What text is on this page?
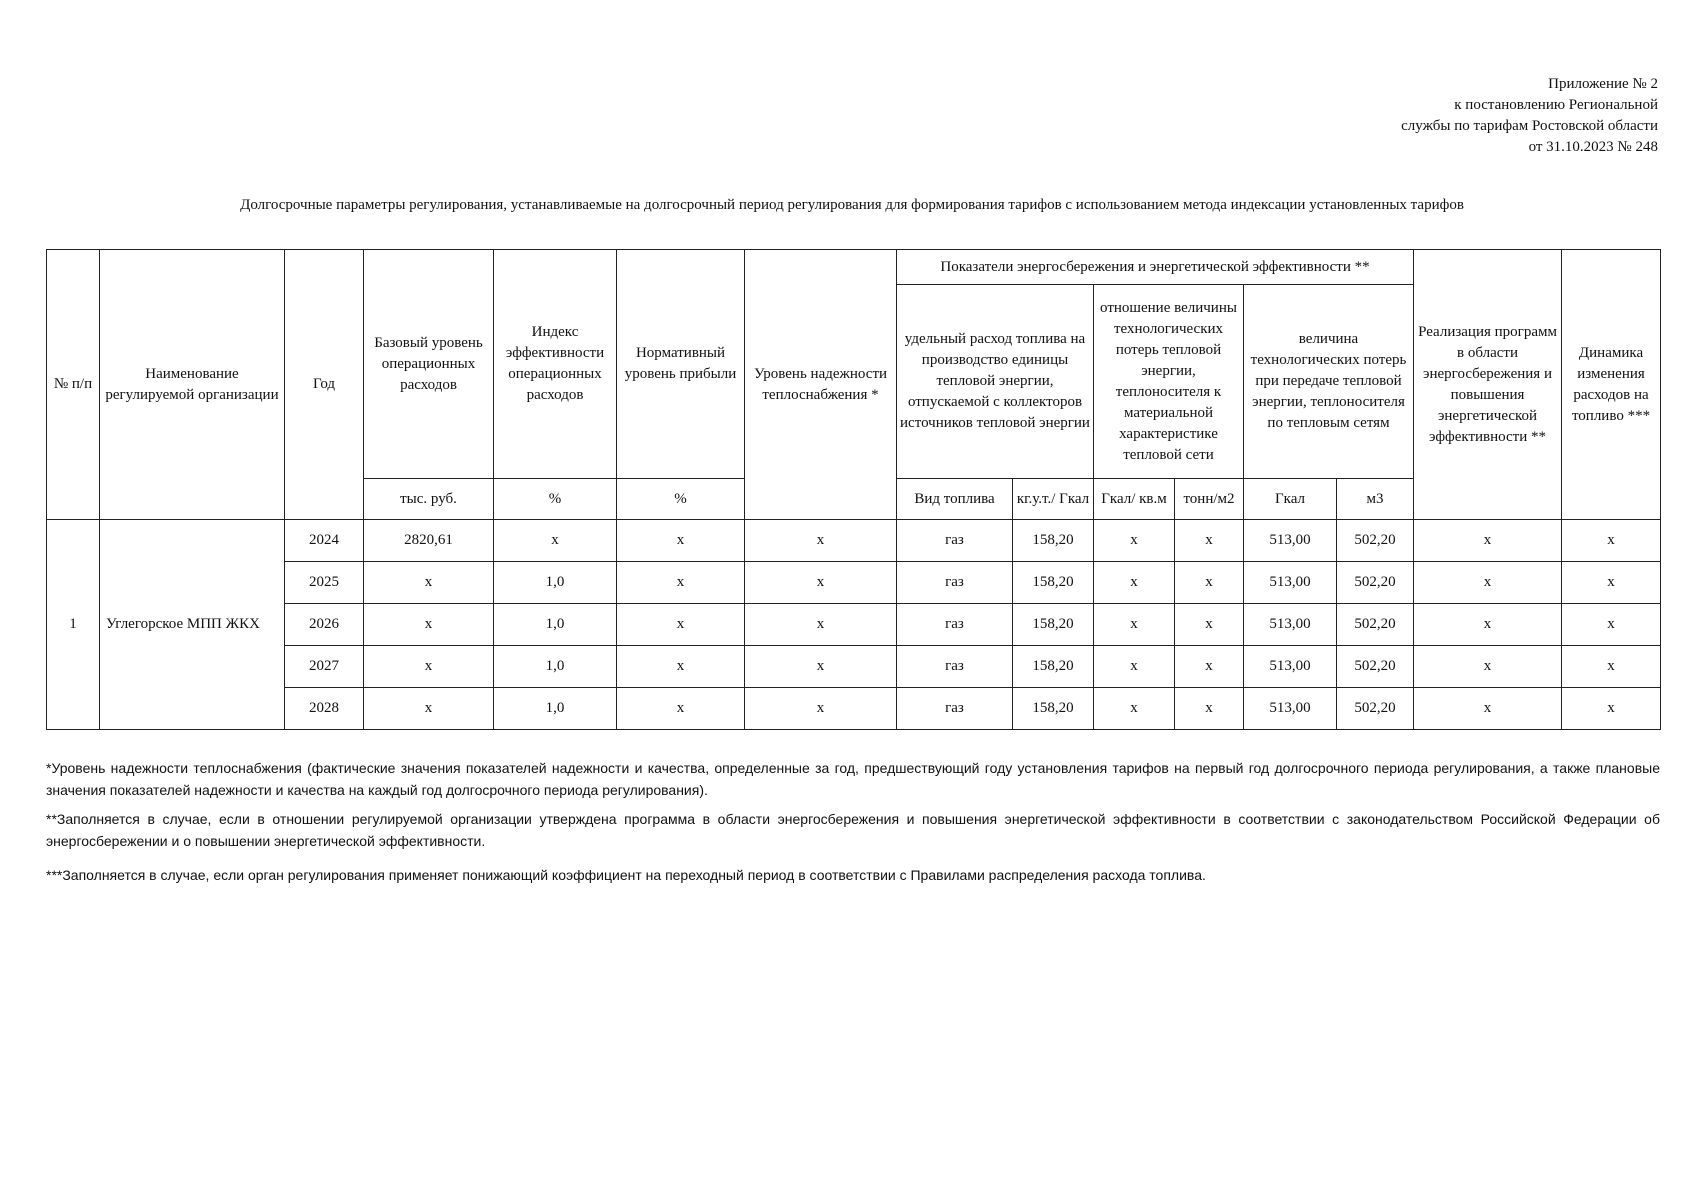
Приложение № 2
к постановлению Региональной
службы по тарифам Ростовской области
от 31.10.2023 № 248
Долгосрочные параметры регулирования, устанавливаемые на долгосрочный период регулирования для формирования тарифов с использованием метода индексации установленных тарифов
№ п/п	Наименование регулируемой организации	Год	Базовый уровень операционных расходов	Индекс эффективности операционных расходов	Нормативный уровень прибыли	Уровень надежности теплоснабжения *	Показатели энергосбережения и энергетической эффективности **						Реализация программ в области энергосбережения и повышения энергетической эффективности **	Динамика изменения расходов на топливо ***
							удельный расход топлива на производство единицы тепловой энергии, отпускаемой с коллекторов источников тепловой энергии		отношение величины технологических потерь тепловой энергии, теплоносителя к материальной характеристике тепловой сети		величина технологических потерь при передаче тепловой энергии, теплоносителя по тепловым сетям			
			тыс. руб.	%	%		Вид топлива	кг.у.т./ Гкал	Гкал/ кв.м	тонн/м2	Гкал	м3		
1	Углегорское МПП ЖКХ	2024	2820,61	х	х	х	газ	158,20	х	х	513,00	502,20	х	х
		2025	х	1,0	х	х	газ	158,20	х	х	513,00	502,20	х	х
		2026	х	1,0	х	х	газ	158,20	х	х	513,00	502,20	х	х
		2027	х	1,0	х	х	газ	158,20	х	х	513,00	502,20	х	х
		2028	х	1,0	х	х	газ	158,20	х	х	513,00	502,20	х	х
*Уровень надежности теплоснабжения (фактические значения показателей надежности и качества, определенные за год, предшествующий году установления тарифов на первый год долгосрочного периода регулирования, а также плановые значения показателей надежности и качества на каждый год долгосрочного периода регулирования).
**Заполняется в случае, если в отношении регулируемой организации утверждена программа в области энергосбережения и повышения энергетической эффективности в соответствии с законодательством Российской Федерации об энергосбережении и о повышении энергетической эффективности.
***Заполняется в случае, если орган регулирования применяет понижающий коэффициент на переходный период в соответствии с Правилами распределения расхода топлива.
